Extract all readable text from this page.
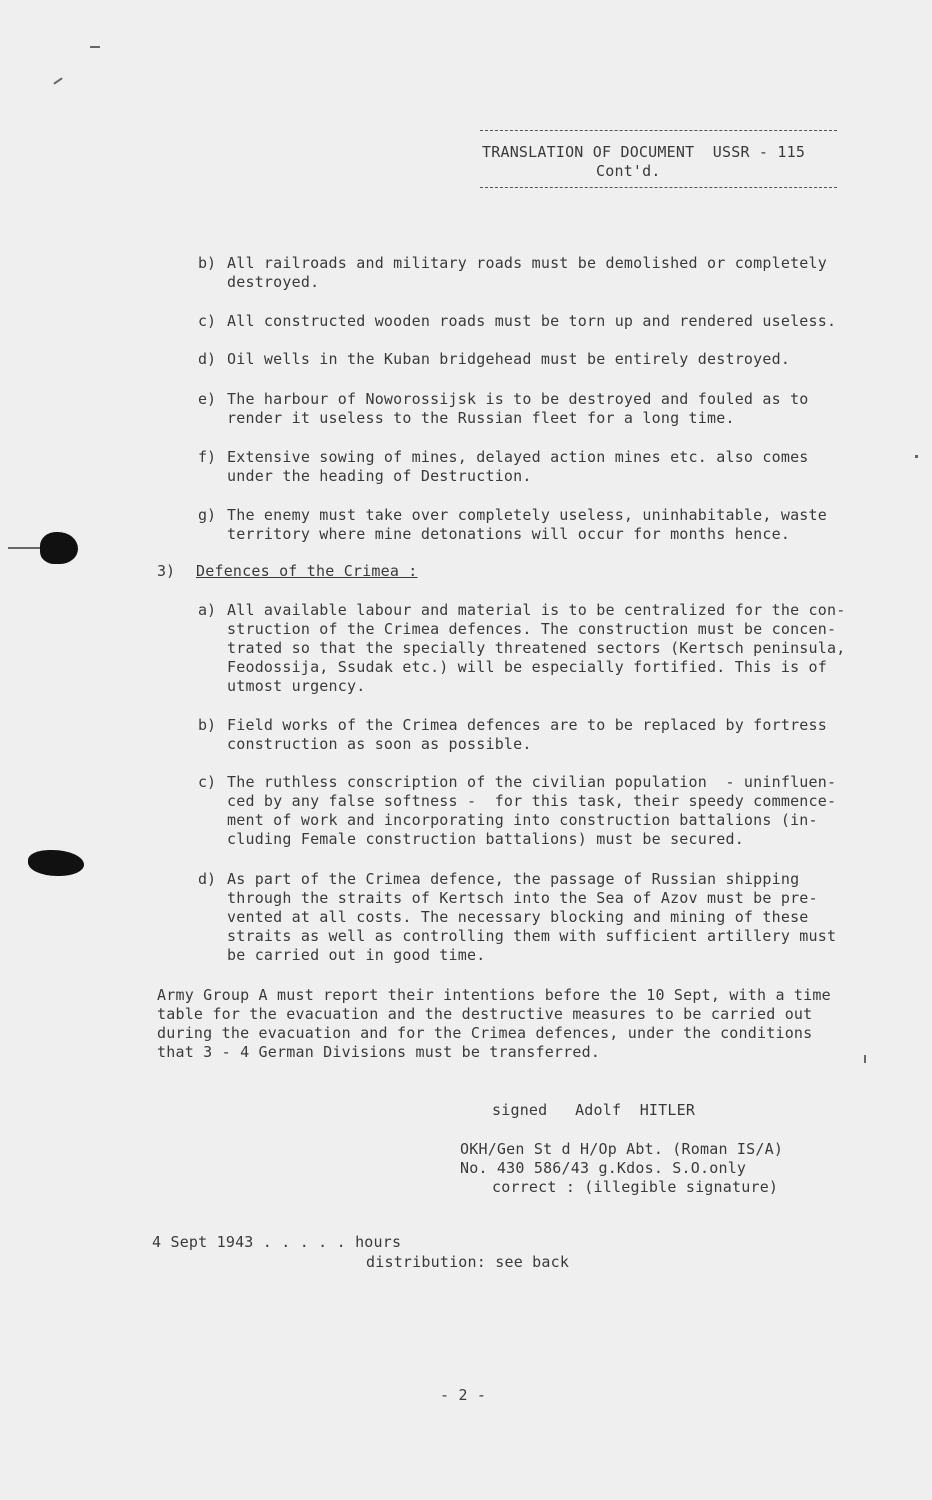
TRANSLATION OF DOCUMENT  USSR - 115
Cont'd.
b) All railroads and military roads must be demolished or completely
destroyed.
c) All constructed wooden roads must be torn up and rendered useless.
d) Oil wells in the Kuban bridgehead must be entirely destroyed.
e) The harbour of Noworossijsk is to be destroyed and fouled as to
render it useless to the Russian fleet for a long time.
f) Extensive sowing of mines, delayed action mines etc. also comes
under the heading of Destruction.
g) The enemy must take over completely useless, uninhabitable, waste
territory where mine detonations will occur for months hence.
3) Defences of the Crimea :
a) All available labour and material is to be centralized for the con-
struction of the Crimea defences. The construction must be concen-
trated so that the specially threatened sectors (Kertsch peninsula,
Feodossija, Ssudak etc.) will be especially fortified. This is of
utmost urgency.
b) Field works of the Crimea defences are to be replaced by fortress
construction as soon as possible.
c) The ruthless conscription of the civilian population  - uninfluen-
ced by any false softness -  for this task, their speedy commence-
ment of work and incorporating into construction battalions (in-
cluding Female construction battalions) must be secured.
d) As part of the Crimea defence, the passage of Russian shipping
through the straits of Kertsch into the Sea of Azov must be pre-
vented at all costs. The necessary blocking and mining of these
straits as well as controlling them with sufficient artillery must
be carried out in good time.
Army Group A must report their intentions before the 10 Sept, with a time
table for the evacuation and the destructive measures to be carried out
during the evacuation and for the Crimea defences, under the conditions
that 3 - 4 German Divisions must be transferred.
signed   Adolf  HITLER
OKH/Gen St d H/Op Abt. (Roman IS/A)
No. 430 586/43 g.Kdos. S.O.only
correct : (illegible signature)
4 Sept 1943 . . . . . hours
distribution: see back
- 2 -
